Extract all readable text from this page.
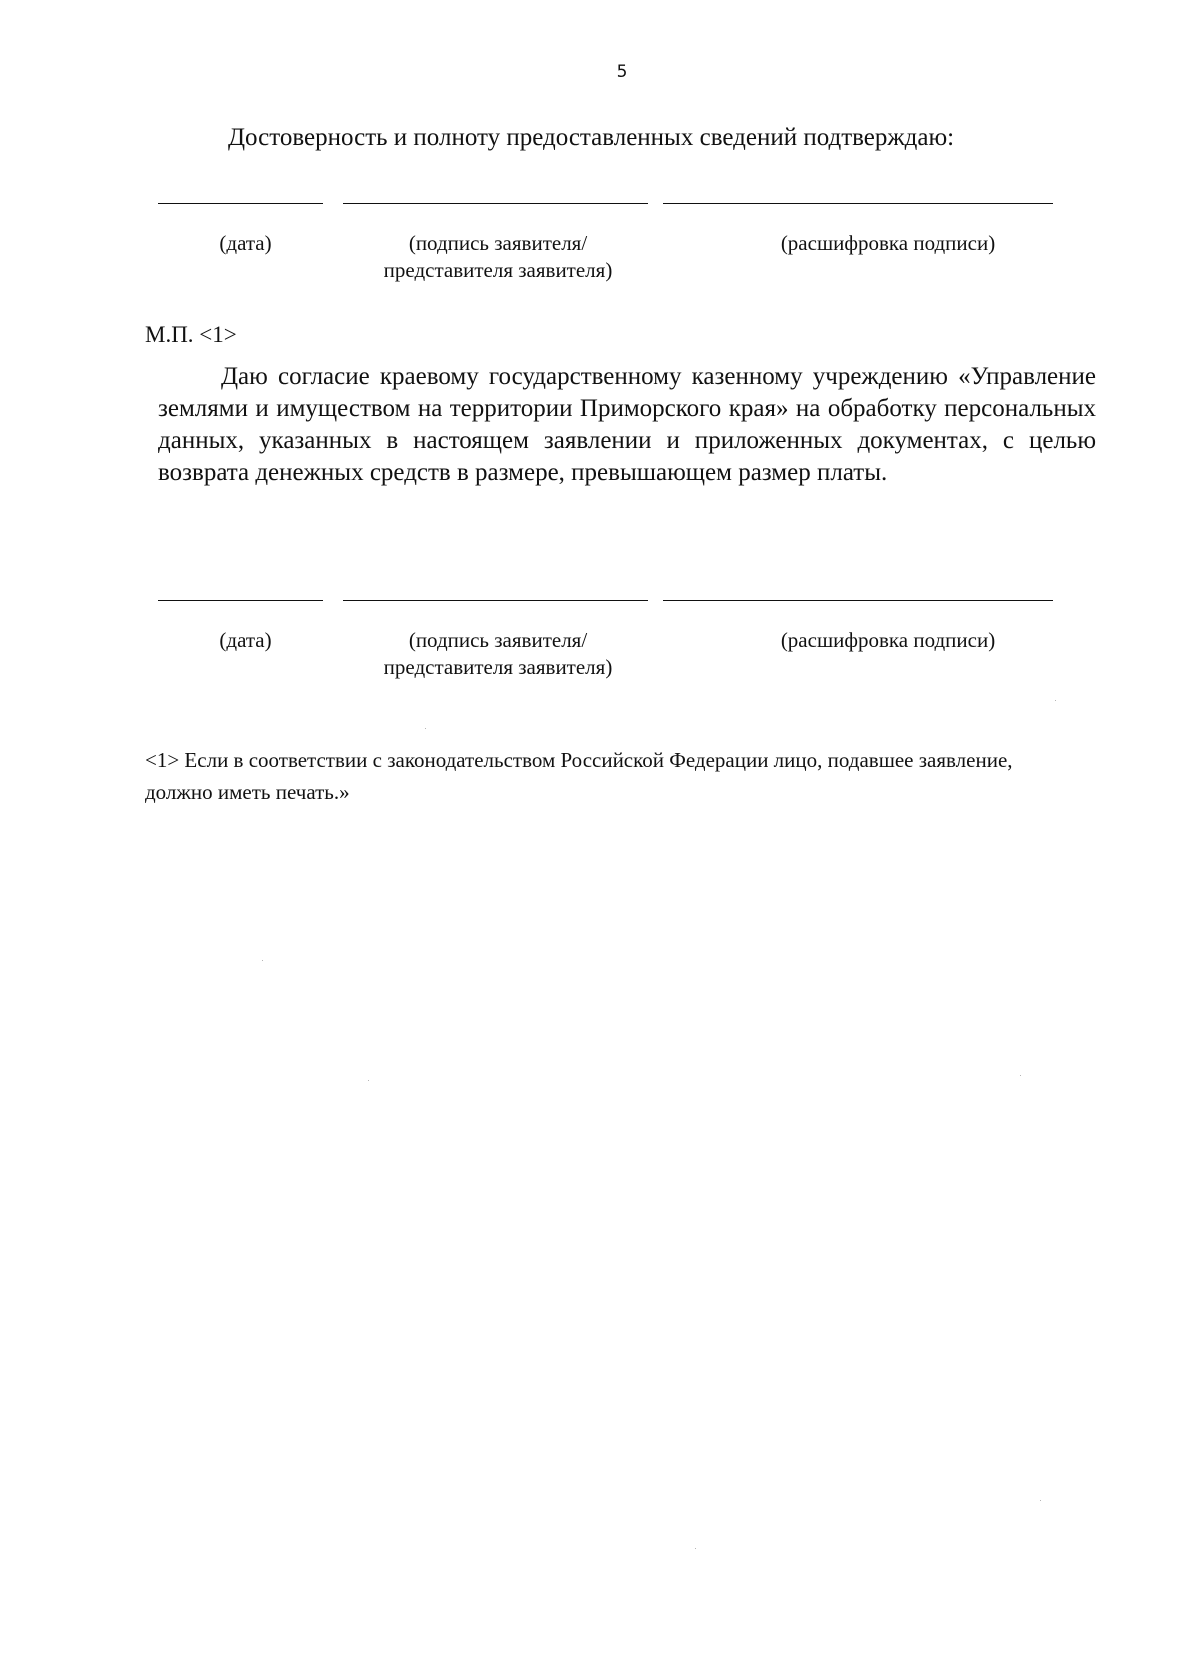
5
Достоверность и полноту предоставленных сведений подтверждаю:
(дата)	(подпись заявителя/представителя заявителя)
(расшифровка подписи)
М.П. <1>

Даю согласие краевому государственному казенному учреждению «Управление землями и имуществом на территории Приморского края» на обработку персональных данных, указанных в настоящем заявлении и приложенных документах, с целью возврата денежных средств в размере, превышающем размер платы.

(дата)	(подпись заявителя/представителя заявителя)
(расшифровка подписи)

<1> Если в соответствии с законодательством Российской Федерации лицо, подавшее заявление, должно иметь печать.»
